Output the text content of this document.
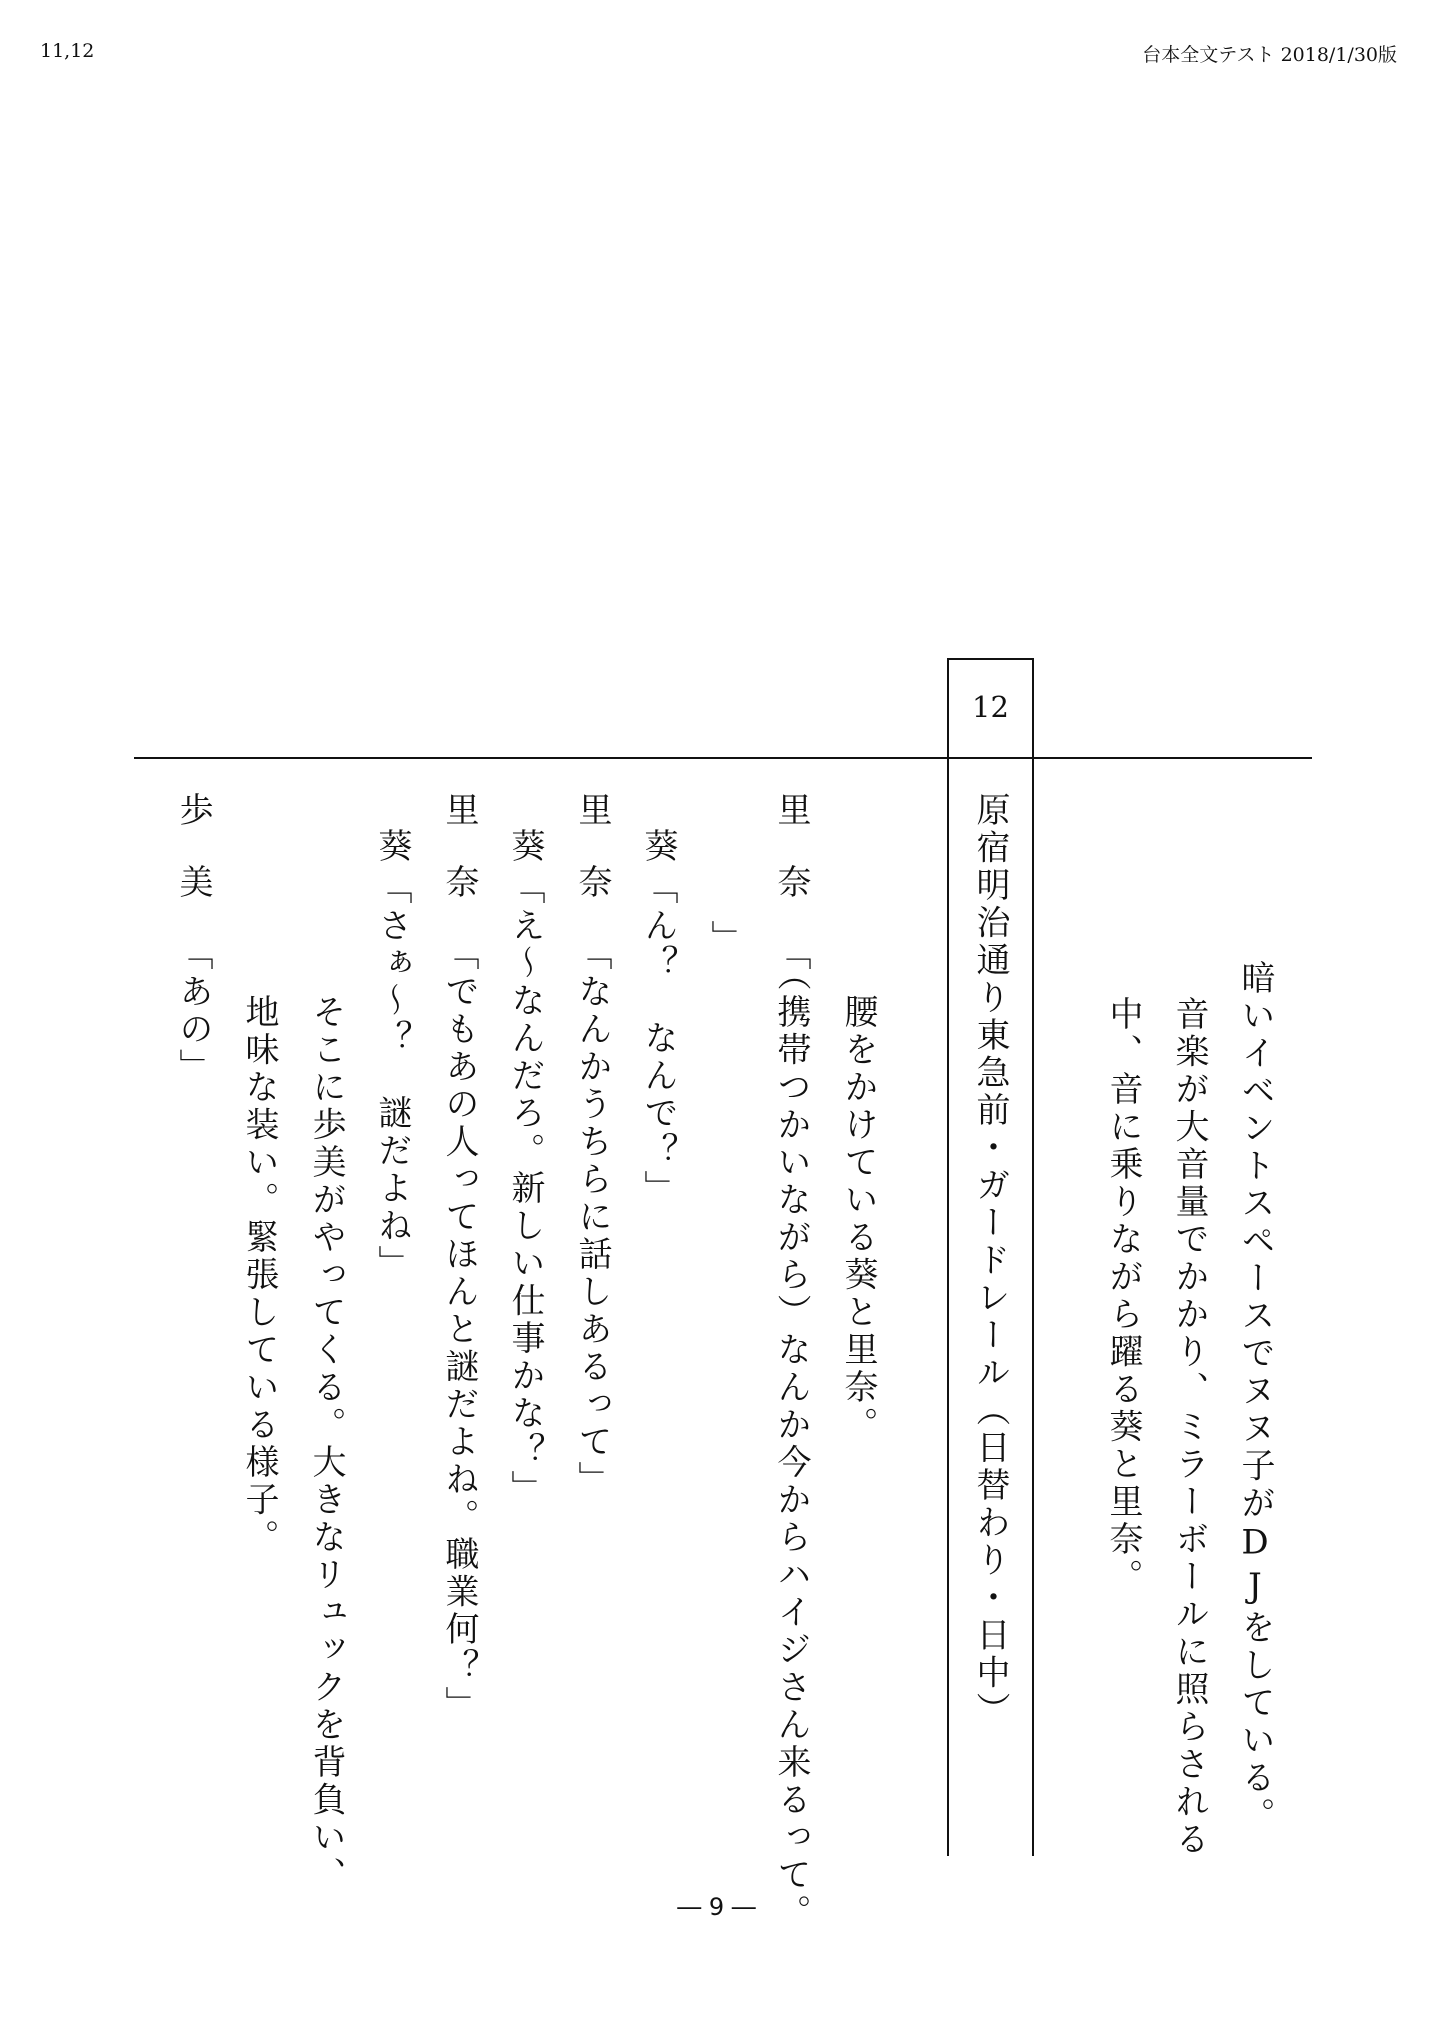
11,12	台本全文テスト 2018/1/30版
12
暗いイベントスペースでヌヌ子がDJをしている。
音楽が大音量でかかり、ミラーボールに照らされる
中、音に乗りながら躍る葵と里奈。
原宿明治通り東急前・ガードレール（日替わり・日中）
腰をかけている葵と里奈。
里奈「（携帯つかいながら）なんか今からハイジさん来るって。
」
葵「ん？　なんで？」
里奈「なんかうちらに話しあるって」
葵「え～なんだろ。新しい仕事かな？」
里奈「でもあの人ってほんと謎だよね。職業何？」
葵「さぁ～？　謎だよね」
そこに歩美がやってくる。大きなリュックを背負い、
地味な装い。緊張している様子。
歩美「あの」
― 9 ―
